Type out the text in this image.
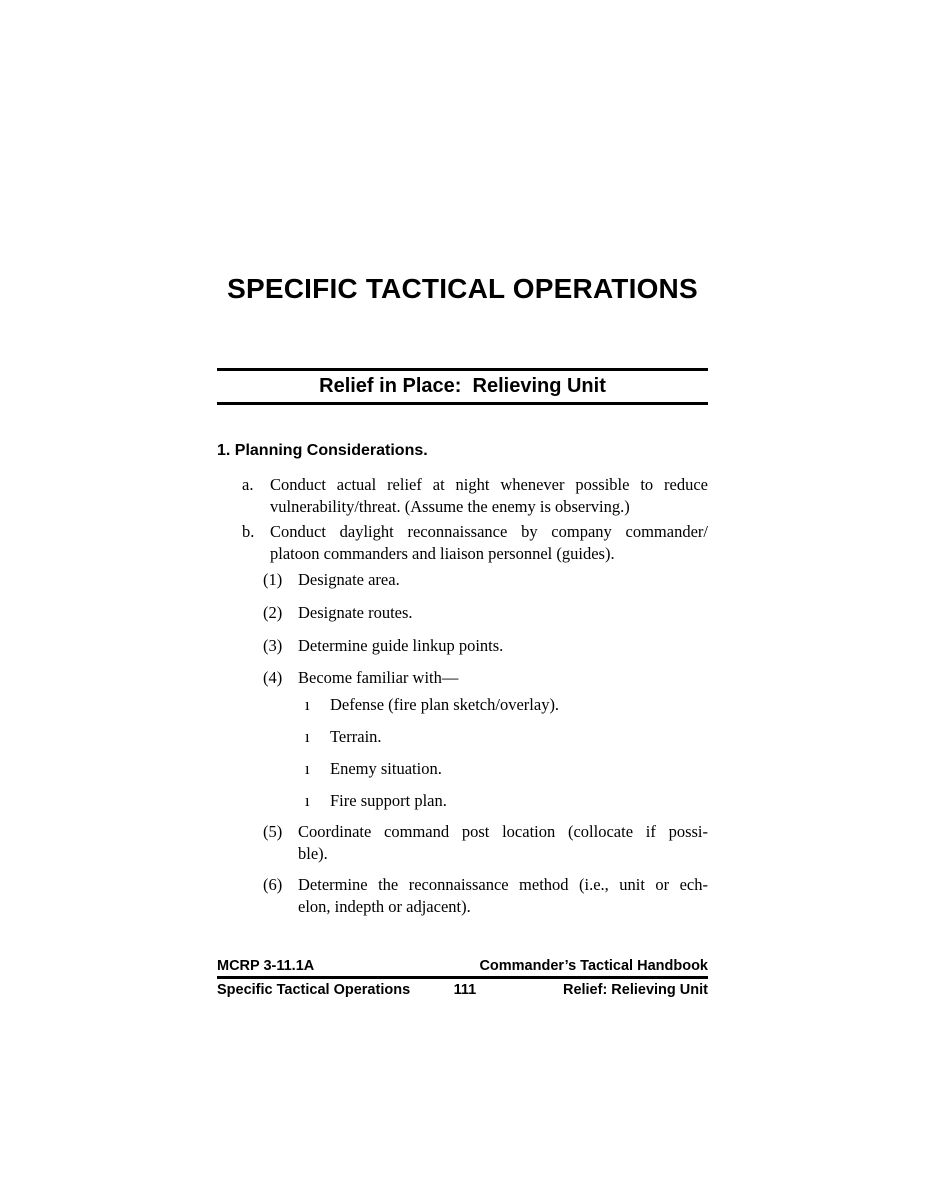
SPECIFIC TACTICAL OPERATIONS
Relief in Place:  Relieving Unit
1. Planning Considerations.
a.	Conduct actual relief at night whenever possible to reduce
vulnerability/threat. (Assume the enemy is observing.)
b. Conduct daylight reconnaissance by company commander/
platoon commanders and liaison personnel (guides).
(1) Designate area.
(2) Designate routes.
(3) Determine guide linkup points.
(4) Become familiar with—
ı	Defense (fire plan sketch/overlay).
ı	Terrain.
ı	Enemy situation.
ı	Fire support plan.
(5) Coordinate command post location (collocate if possi-
ble).
(6) Determine the reconnaissance method (i.e., unit or ech-
elon, indepth or adjacent).
MCRP 3-11.1A	Commander’s Tactical Handbook
Specific Tactical Operations	111	Relief: Relieving Unit
